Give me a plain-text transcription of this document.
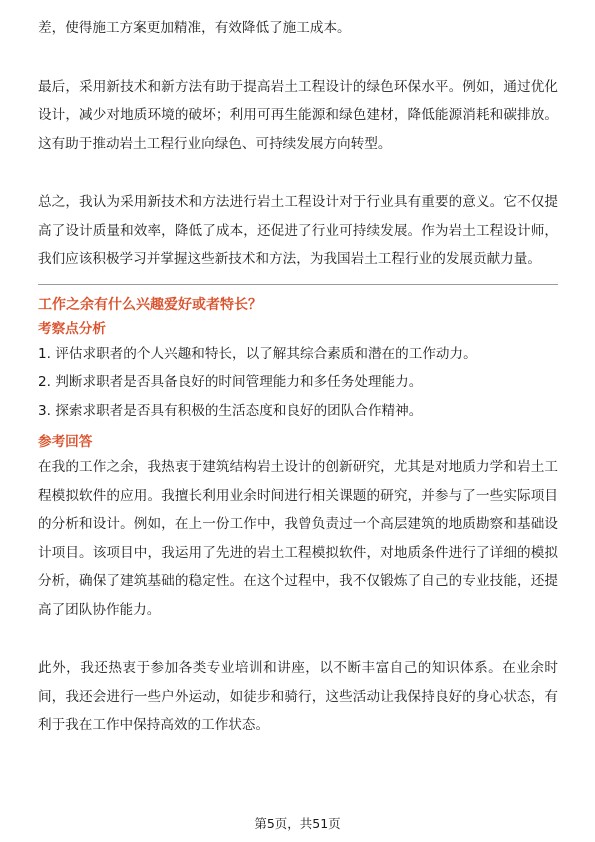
差，使得施工方案更加精准，有效降低了施工成本。

最后，采用新技术和新方法有助于提高岩土工程设计的绿色环保水平。例如，通过优化设计，减少对地质环境的破坏；利用可再生能源和绿色建材，降低能源消耗和碳排放。这有助于推动岩土工程行业向绿色、可持续发展方向转型。

总之，我认为采用新技术和方法进行岩土工程设计对于行业具有重要的意义。它不仅提高了设计质量和效率，降低了成本，还促进了行业可持续发展。作为岩土工程设计师，我们应该积极学习并掌握这些新技术和方法，为我国岩土工程行业的发展贡献力量。

工作之余有什么兴趣爱好或者特长？

考察点分析

1. 评估求职者的个人兴趣和特长，以了解其综合素质和潜在的工作动力。

2. 判断求职者是否具备良好的时间管理能力和多任务处理能力。

3. 探索求职者是否具有积极的生活态度和良好的团队合作精神。

参考回答

在我的工作之余，我热衷于建筑结构岩土设计的创新研究，尤其是对地质力学和岩土工程模拟软件的应用。我擅长利用业余时间进行相关课题的研究，并参与了一些实际项目的分析和设计。例如，在上一份工作中，我曾负责过一个高层建筑的地质勘察和基础设计项目。该项目中，我运用了先进的岩土工程模拟软件，对地质条件进行了详细的模拟分析，确保了建筑基础的稳定性。在这个过程中，我不仅锻炼了自己的专业技能，还提高了团队协作能力。

此外，我还热衷于参加各类专业培训和讲座，以不断丰富自己的知识体系。在业余时间，我还会进行一些户外运动，如徒步和骑行，这些活动让我保持良好的身心状态，有利于我在工作中保持高效的工作状态。

第5页，共51页
